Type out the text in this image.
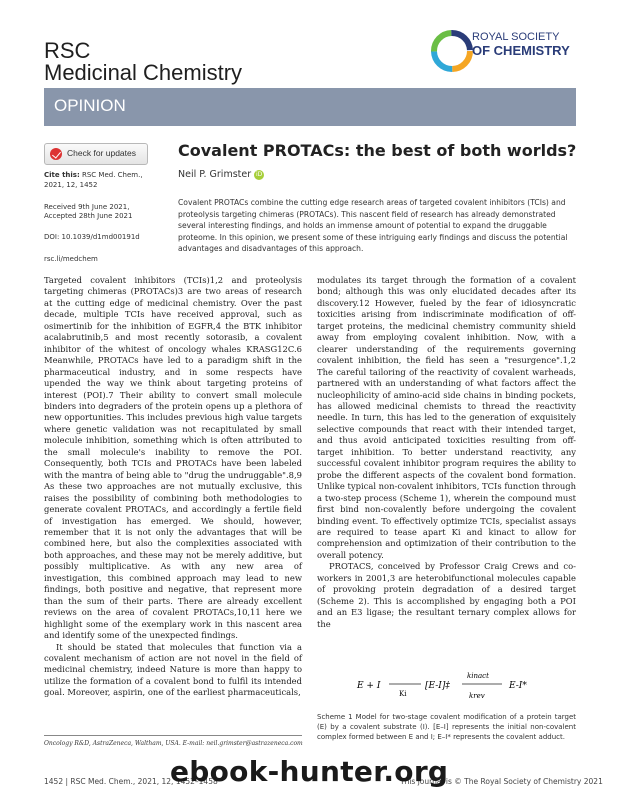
RSC
Medicinal Chemistry
ROYAL SOCIETY
OF CHEMISTRY
OPINION
Check for updates
Cite this: RSC Med. Chem., 2021, 12, 1452
Received 9th June 2021,
Accepted 28th June 2021
DOI: 10.1039/d1md00191d
rsc.li/medchem
Covalent PROTACs: the best of both worlds?
Neil P. Grimster iD
Covalent PROTACs combine the cutting edge research areas of targeted covalent inhibitors (TCIs) and proteolysis targeting chimeras (PROTACs). This nascent field of research has already demonstrated several interesting findings, and holds an immense amount of potential to expand the druggable proteome. In this opinion, we present some of these intriguing early findings and discuss the potential advantages and disadvantages of this approach.

Targeted covalent inhibitors (TCIs)1,2 and proteolysis targeting chimeras (PROTACs)3 are two areas of research at the cutting edge of medicinal chemistry. Over the past decade, multiple TCIs have received approval, such as osimertinib for the inhibition of EGFR,4 the BTK inhibitor acalabrutinib,5 and most recently sotorasib, a covalent inhibitor of the whitest of oncology whales KRASG12C.6 Meanwhile, PROTACs have led to a paradigm shift in the pharmaceutical industry, and in some respects have upended the way we think about targeting proteins of interest (POI).7 Their ability to convert small molecule binders into degraders of the protein opens up a plethora of new opportunities. This includes previous high value targets where genetic validation was not recapitulated by small molecule inhibition, something which is often attributed to the small molecule's inability to remove the POI. Consequently, both TCIs and PROTACs have been labeled with the mantra of being able to "drug the undruggable".8,9 As these two approaches are not mutually exclusive, this raises the possibility of combining both methodologies to generate covalent PROTACs, and accordingly a fertile field of investigation has emerged. We should, however, remember that it is not only the advantages that will be combined here, but also the complexities associated with both approaches, and these may not be merely additive, but possibly multiplicative. As with any new area of investigation, this combined approach may lead to new findings, both positive and negative, that represent more than the sum of their parts. There are already excellent reviews on the area of covalent PROTACs,10,11 here we highlight some of the exemplary work in this nascent area and identify some of the unexpected findings.

It should be stated that molecules that function via a covalent mechanism of action are not novel in the field of medicinal chemistry, indeed Nature is more than happy to utilize the formation of a covalent bond to fulfil its intended goal. Moreover, aspirin, one of the earliest pharmaceuticals,

modulates its target through the formation of a covalent bond; although this was only elucidated decades after its discovery.12 However, fueled by the fear of idiosyncratic toxicities arising from indiscriminate modification of off-target proteins, the medicinal chemistry community shield away from employing covalent inhibition. Now, with a clearer understanding of the requirements governing covalent inhibition, the field has seen a "resurgence".1,2 The careful tailoring of the reactivity of covalent warheads, partnered with an understanding of what factors affect the nucleophilicity of amino-acid side chains in binding pockets, has allowed medicinal chemists to thread the reactivity needle. In turn, this has led to the generation of exquisitely selective compounds that react with their intended target, and thus avoid anticipated toxicities resulting from off-target inhibition. To better understand reactivity, any successful covalent inhibitor program requires the ability to probe the different aspects of the covalent bond formation. Unlike typical non-covalent inhibitors, TCIs function through a two-step process (Scheme 1), wherein the compound must first bind non-covalently before undergoing the covalent binding event. To effectively optimize TCIs, specialist assays are required to tease apart Ki and kinact to allow for comprehension and optimization of their contribution to the overall potency.

PROTACS, conceived by Professor Craig Crews and co-workers in 2001,3 are heterobifunctional molecules capable of provoking protein degradation of a desired target (Scheme 2). This is accomplished by engaging both a POI and an E3 ligase; the resultant ternary complex allows for the

E + I
Ki
[E-I]‡
kinact
krev
E-I*
Scheme 1 Model for two-stage covalent modification of a protein target (E) by a covalent substrate (I). [E–I] represents the initial non-covalent complex formed between E and I; E–I* represents the covalent adduct.
Oncology R&D, AstraZeneca, Waltham, USA. E-mail: neil.grimster@astrazeneca.com
1452 | RSC Med. Chem., 2021, 12, 1452–1458	This journal is © The Royal Society of Chemistry 2021
ebook-hunter.org
